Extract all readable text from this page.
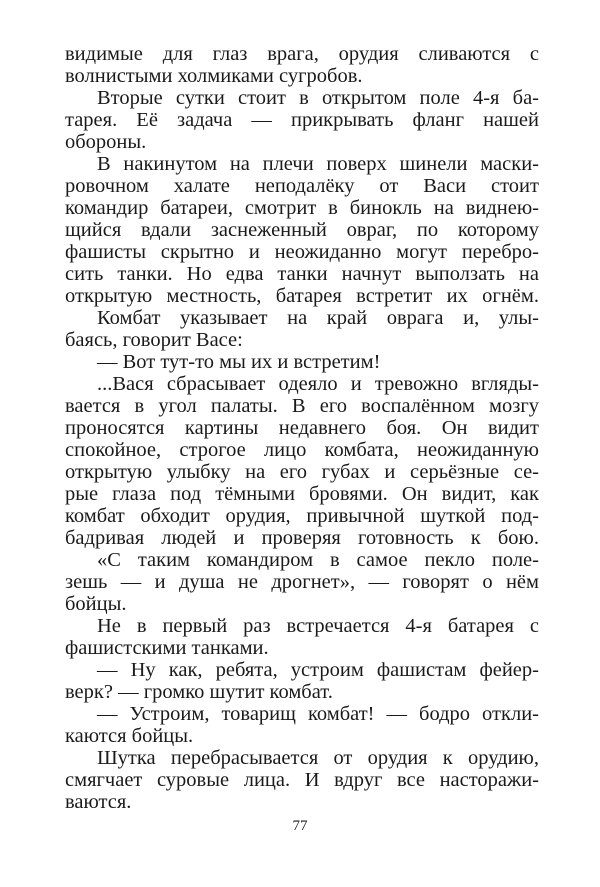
видимые для глаз врага, орудия сливаются с
волнистыми холмиками сугробов.
Вторые сутки стоит в открытом поле 4-я ба-
тарея. Её задача — прикрывать фланг нашей
обороны.
В накинутом на плечи поверх шинели маски-
ровочном халате неподалёку от Васи стоит
командир батареи, смотрит в бинокль на виднею-
щийся вдали заснеженный овраг, по которому
фашисты скрытно и неожиданно могут перебро-
сить танки. Но едва танки начнут выползать на
открытую местность, батарея встретит их огнём.
Комбат указывает на край оврага и, улы-
баясь, говорит Васе:
— Вот тут-то мы их и встретим!
...Вася сбрасывает одеяло и тревожно вгляды-
вается в угол палаты. В его воспалённом мозгу
проносятся картины недавнего боя. Он видит
спокойное, строгое лицо комбата, неожиданную
открытую улыбку на его губах и серьёзные се-
рые глаза под тёмными бровями. Он видит, как
комбат обходит орудия, привычной шуткой под-
бадривая людей и проверяя готовность к бою.
«С таким командиром в самое пекло поле-
зешь — и душа не дрогнет», — говорят о нём
бойцы.
Не в первый раз встречается 4-я батарея с
фашистскими танками.
— Ну как, ребята, устроим фашистам фейер-
верк? — громко шутит комбат.
— Устроим, товарищ комбат! — бодро откли-
каются бойцы.
Шутка перебрасывается от орудия к орудию,
смягчает суровые лица. И вдруг все насторажи-
ваются.
77
